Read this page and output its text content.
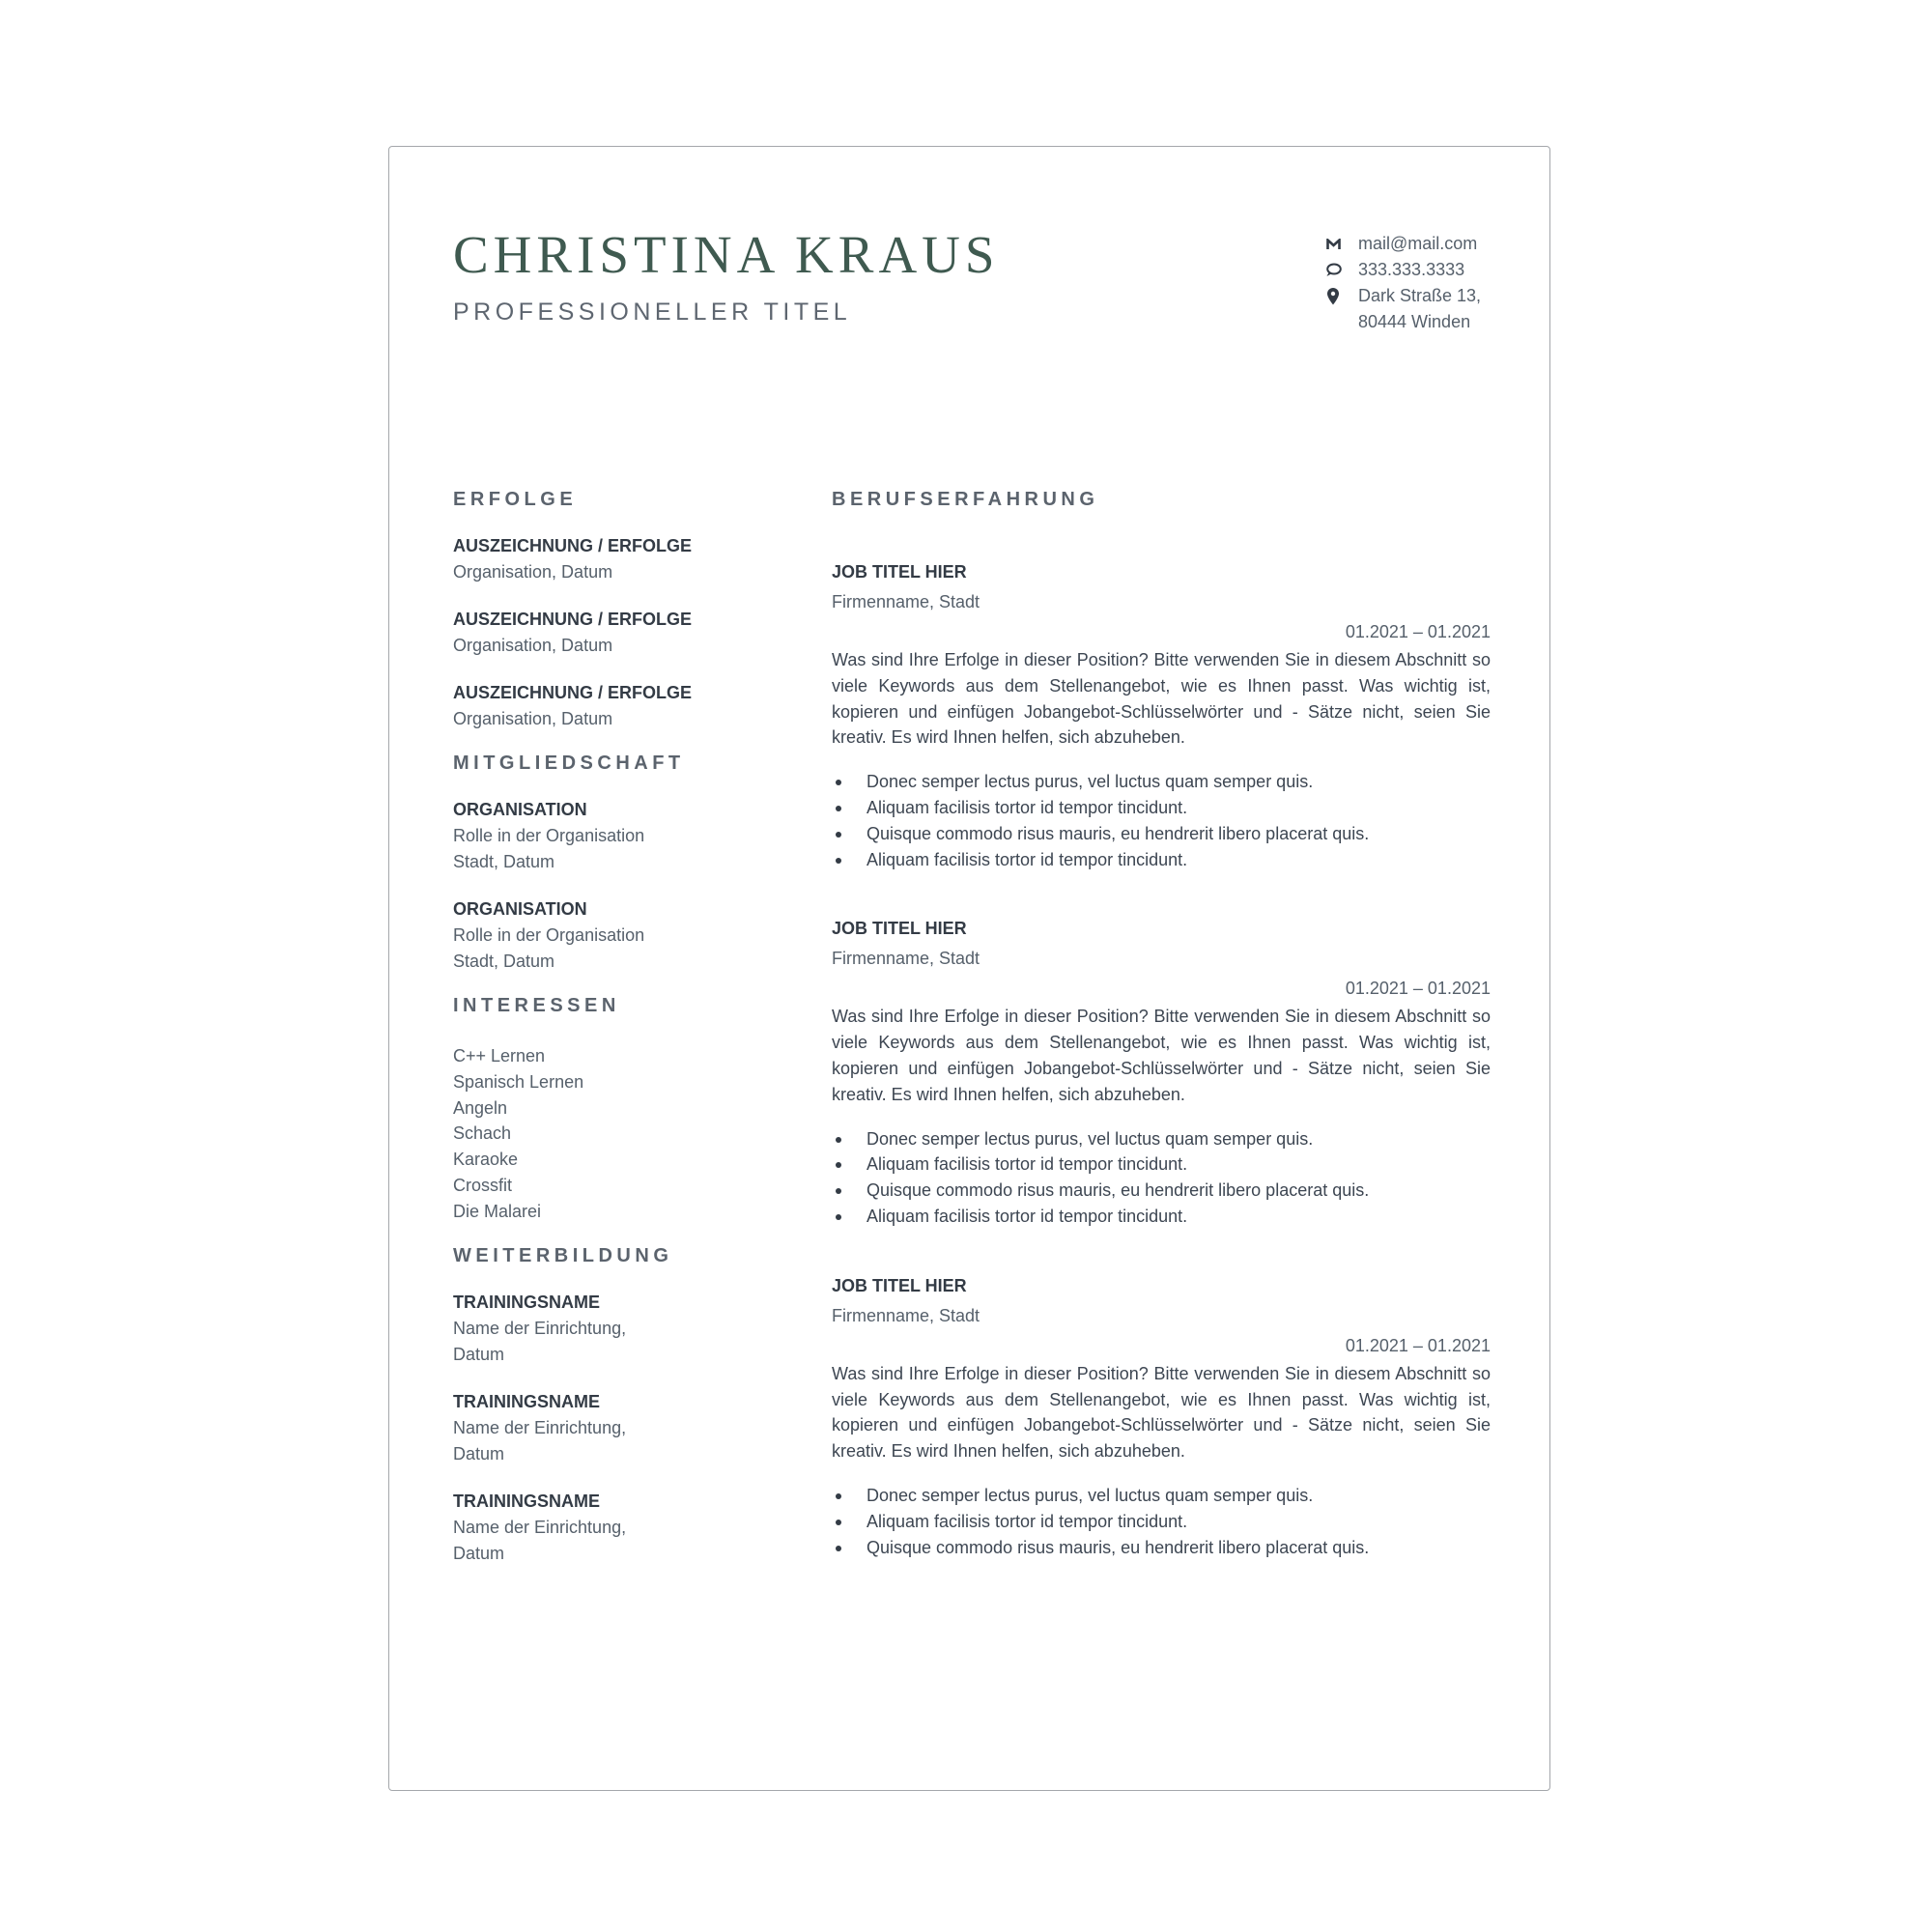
CHRISTINA KRAUS
PROFESSIONELLER TITEL
mail@mail.com
333.333.3333
Dark Straße 13,
80444 Winden
ERFOLGE
AUSZEICHNUNG / ERFOLGE
Organisation, Datum
AUSZEICHNUNG / ERFOLGE
Organisation, Datum
AUSZEICHNUNG / ERFOLGE
Organisation, Datum
MITGLIEDSCHAFT
ORGANISATION
Rolle in der Organisation
Stadt, Datum
ORGANISATION
Rolle in der Organisation
Stadt, Datum
INTERESSEN
C++ Lernen
Spanisch Lernen
Angeln
Schach
Karaoke
Crossfit
Die Malarei
WEITERBILDUNG
TRAININGSNAME
Name der Einrichtung,
Datum
TRAININGSNAME
Name der Einrichtung,
Datum
TRAININGSNAME
Name der Einrichtung,
Datum
BERUFSERFAHRUNG
JOB TITEL HIER
Firmenname, Stadt
01.2021 – 01.2021

Was sind Ihre Erfolge in dieser Position? Bitte verwenden Sie in diesem Abschnitt so viele Keywords aus dem Stellenangebot, wie es Ihnen passt. Was wichtig ist, kopieren und einfügen Jobangebot-Schlüsselwörter und - Sätze nicht, seien Sie kreativ. Es wird Ihnen helfen, sich abzuheben.

Donec semper lectus purus, vel luctus quam semper quis.
Aliquam facilisis tortor id tempor tincidunt.
Quisque commodo risus mauris, eu hendrerit libero placerat quis.
Aliquam facilisis tortor id tempor tincidunt.
JOB TITEL HIER
Firmenname, Stadt
01.2021 – 01.2021

Was sind Ihre Erfolge in dieser Position? Bitte verwenden Sie in diesem Abschnitt so viele Keywords aus dem Stellenangebot, wie es Ihnen passt. Was wichtig ist, kopieren und einfügen Jobangebot-Schlüsselwörter und - Sätze nicht, seien Sie kreativ. Es wird Ihnen helfen, sich abzuheben.

Donec semper lectus purus, vel luctus quam semper quis.
Aliquam facilisis tortor id tempor tincidunt.
Quisque commodo risus mauris, eu hendrerit libero placerat quis.
Aliquam facilisis tortor id tempor tincidunt.
JOB TITEL HIER
Firmenname, Stadt
01.2021 – 01.2021

Was sind Ihre Erfolge in dieser Position? Bitte verwenden Sie in diesem Abschnitt so viele Keywords aus dem Stellenangebot, wie es Ihnen passt. Was wichtig ist, kopieren und einfügen Jobangebot-Schlüsselwörter und - Sätze nicht, seien Sie kreativ. Es wird Ihnen helfen, sich abzuheben.

Donec semper lectus purus, vel luctus quam semper quis.
Aliquam facilisis tortor id tempor tincidunt.
Quisque commodo risus mauris, eu hendrerit libero placerat quis.
